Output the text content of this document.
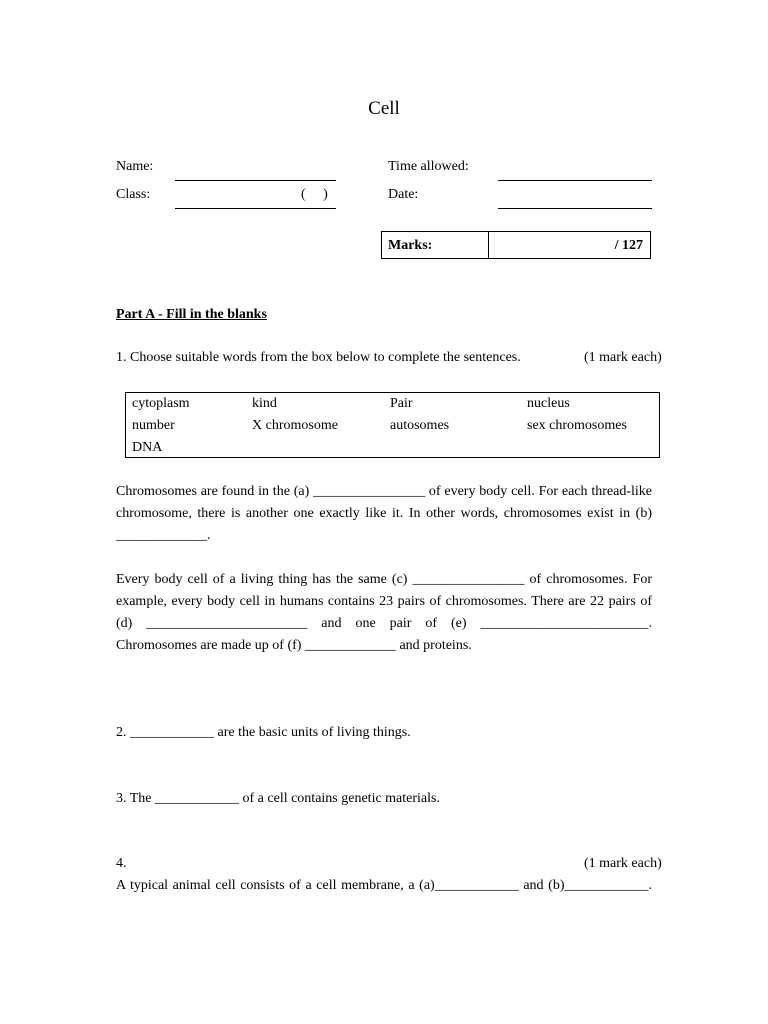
Cell
Name:
Class:	(     )
Time allowed:
Date:
Marks:	/ 127
Part A - Fill in the blanks
1. Choose suitable words from the box below to complete the sentences.	(1 mark each)
cytoplasm	kind	Pair	nucleus
number	X chromosome	autosomes	sex chromosomes
DNA
Chromosomes are found in the (a) ________________ of every body cell. For each thread-like chromosome, there is another one exactly like it. In other words, chromosomes exist in (b) _____________.
Every body cell of a living thing has the same (c) ________________ of chromosomes. For example, every body cell in humans contains 23 pairs of chromosomes. There are 22 pairs of (d) _______________________ and one pair of (e) ________________________. Chromosomes are made up of (f) _____________ and proteins.
2. ____________ are the basic units of living things.
3. The ____________ of a cell contains genetic materials.
4.	(1 mark each)
A typical animal cell consists of a cell membrane, a (a)____________ and (b)____________.
